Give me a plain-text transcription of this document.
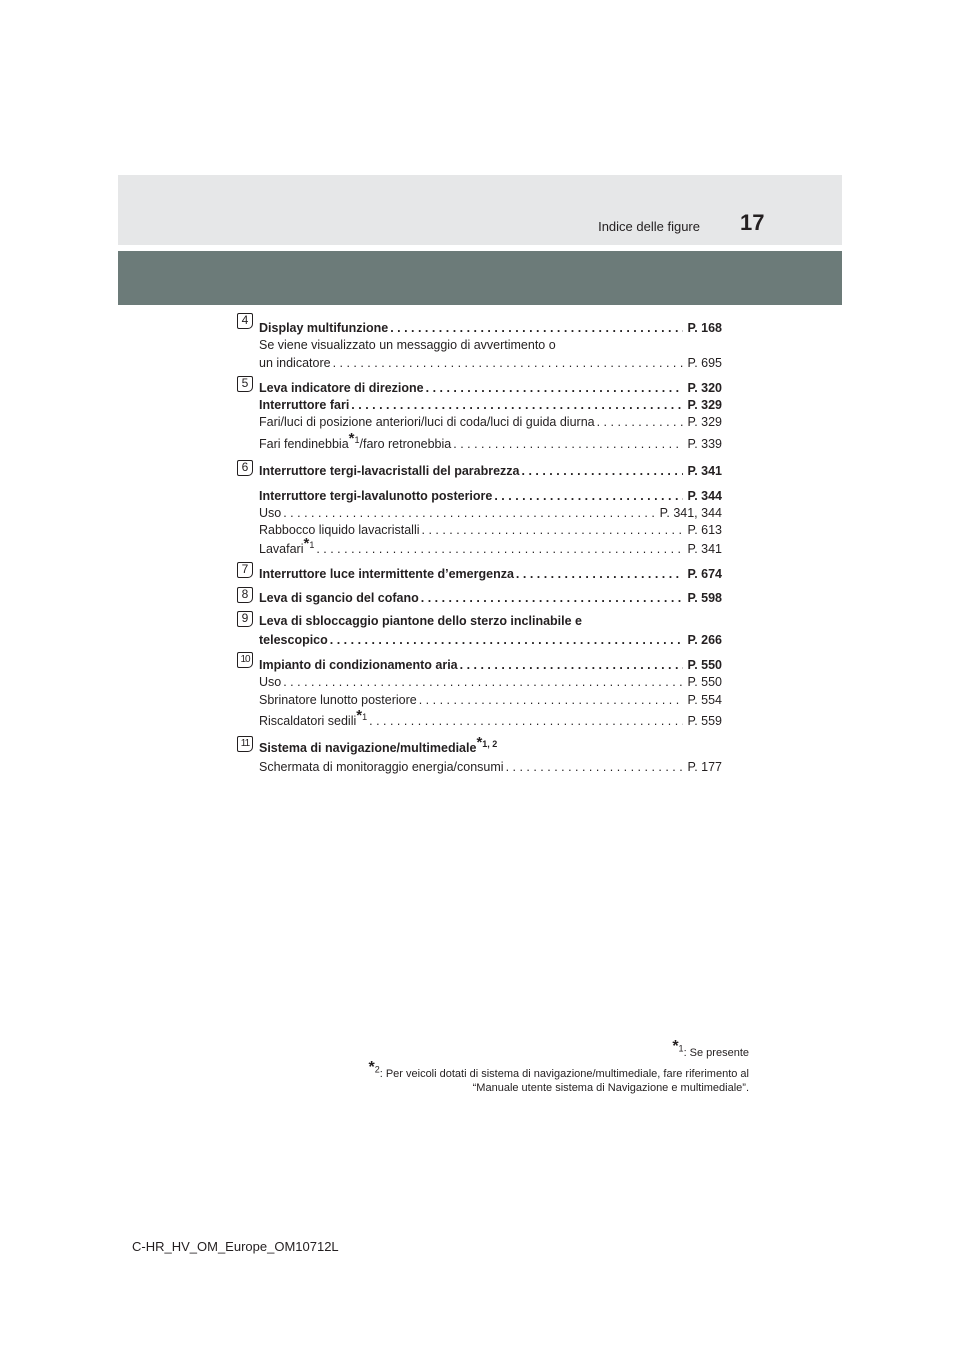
Indice delle figure 17
4
Display multifunzione . . .	P. 168
Se viene visualizzato un messaggio di avvertimento o
un indicatore . . .	P. 695
5 Leva indicatore di direzione . . .	P. 320
Interruttore fari . . .	P. 329
Fari/luci di posizione anteriori/luci di coda/luci di guida diurna . . .	P. 329
Fari fendinebbia*$^1$/faro retronebbia . . .	P. 339
6 Interruttore tergi-lavacristalli del parabrezza . . .	P. 341
Interruttore tergi-lavalunotto posteriore . . .	P. 344
Uso . . .	P. 341, 344
Rabbocco liquido lavacristalli . . .	P. 613
Lavafari*$^1$ . . .	P. 341
7 Interruttore luce intermittente d’emergenza . . .	P. 674
8 Leva di sgancio del cofano . . .	P. 598
9 Leva di sbloccaggio piantone dello sterzo inclinabile e
telescopico . . .	P. 266
10 Impianto di condizionamento aria . . .	P. 550
Uso . . .	P. 550
Sbrinatore lunotto posteriore . . .	P. 554
Riscaldatori sedili*$^1$ . . .	P. 559
11 Sistema di navigazione/multimediale*$^{1, 2}$
Schermata di monitoraggio energia/consumi . . .	P. 177
*$^1$: Se presente
*$^2$: Per veicoli dotati di sistema di navigazione/multimediale, fare riferimento al
“Manuale utente sistema di Navigazione e multimediale”.
C-HR_HV_OM_Europe_OM10712L
